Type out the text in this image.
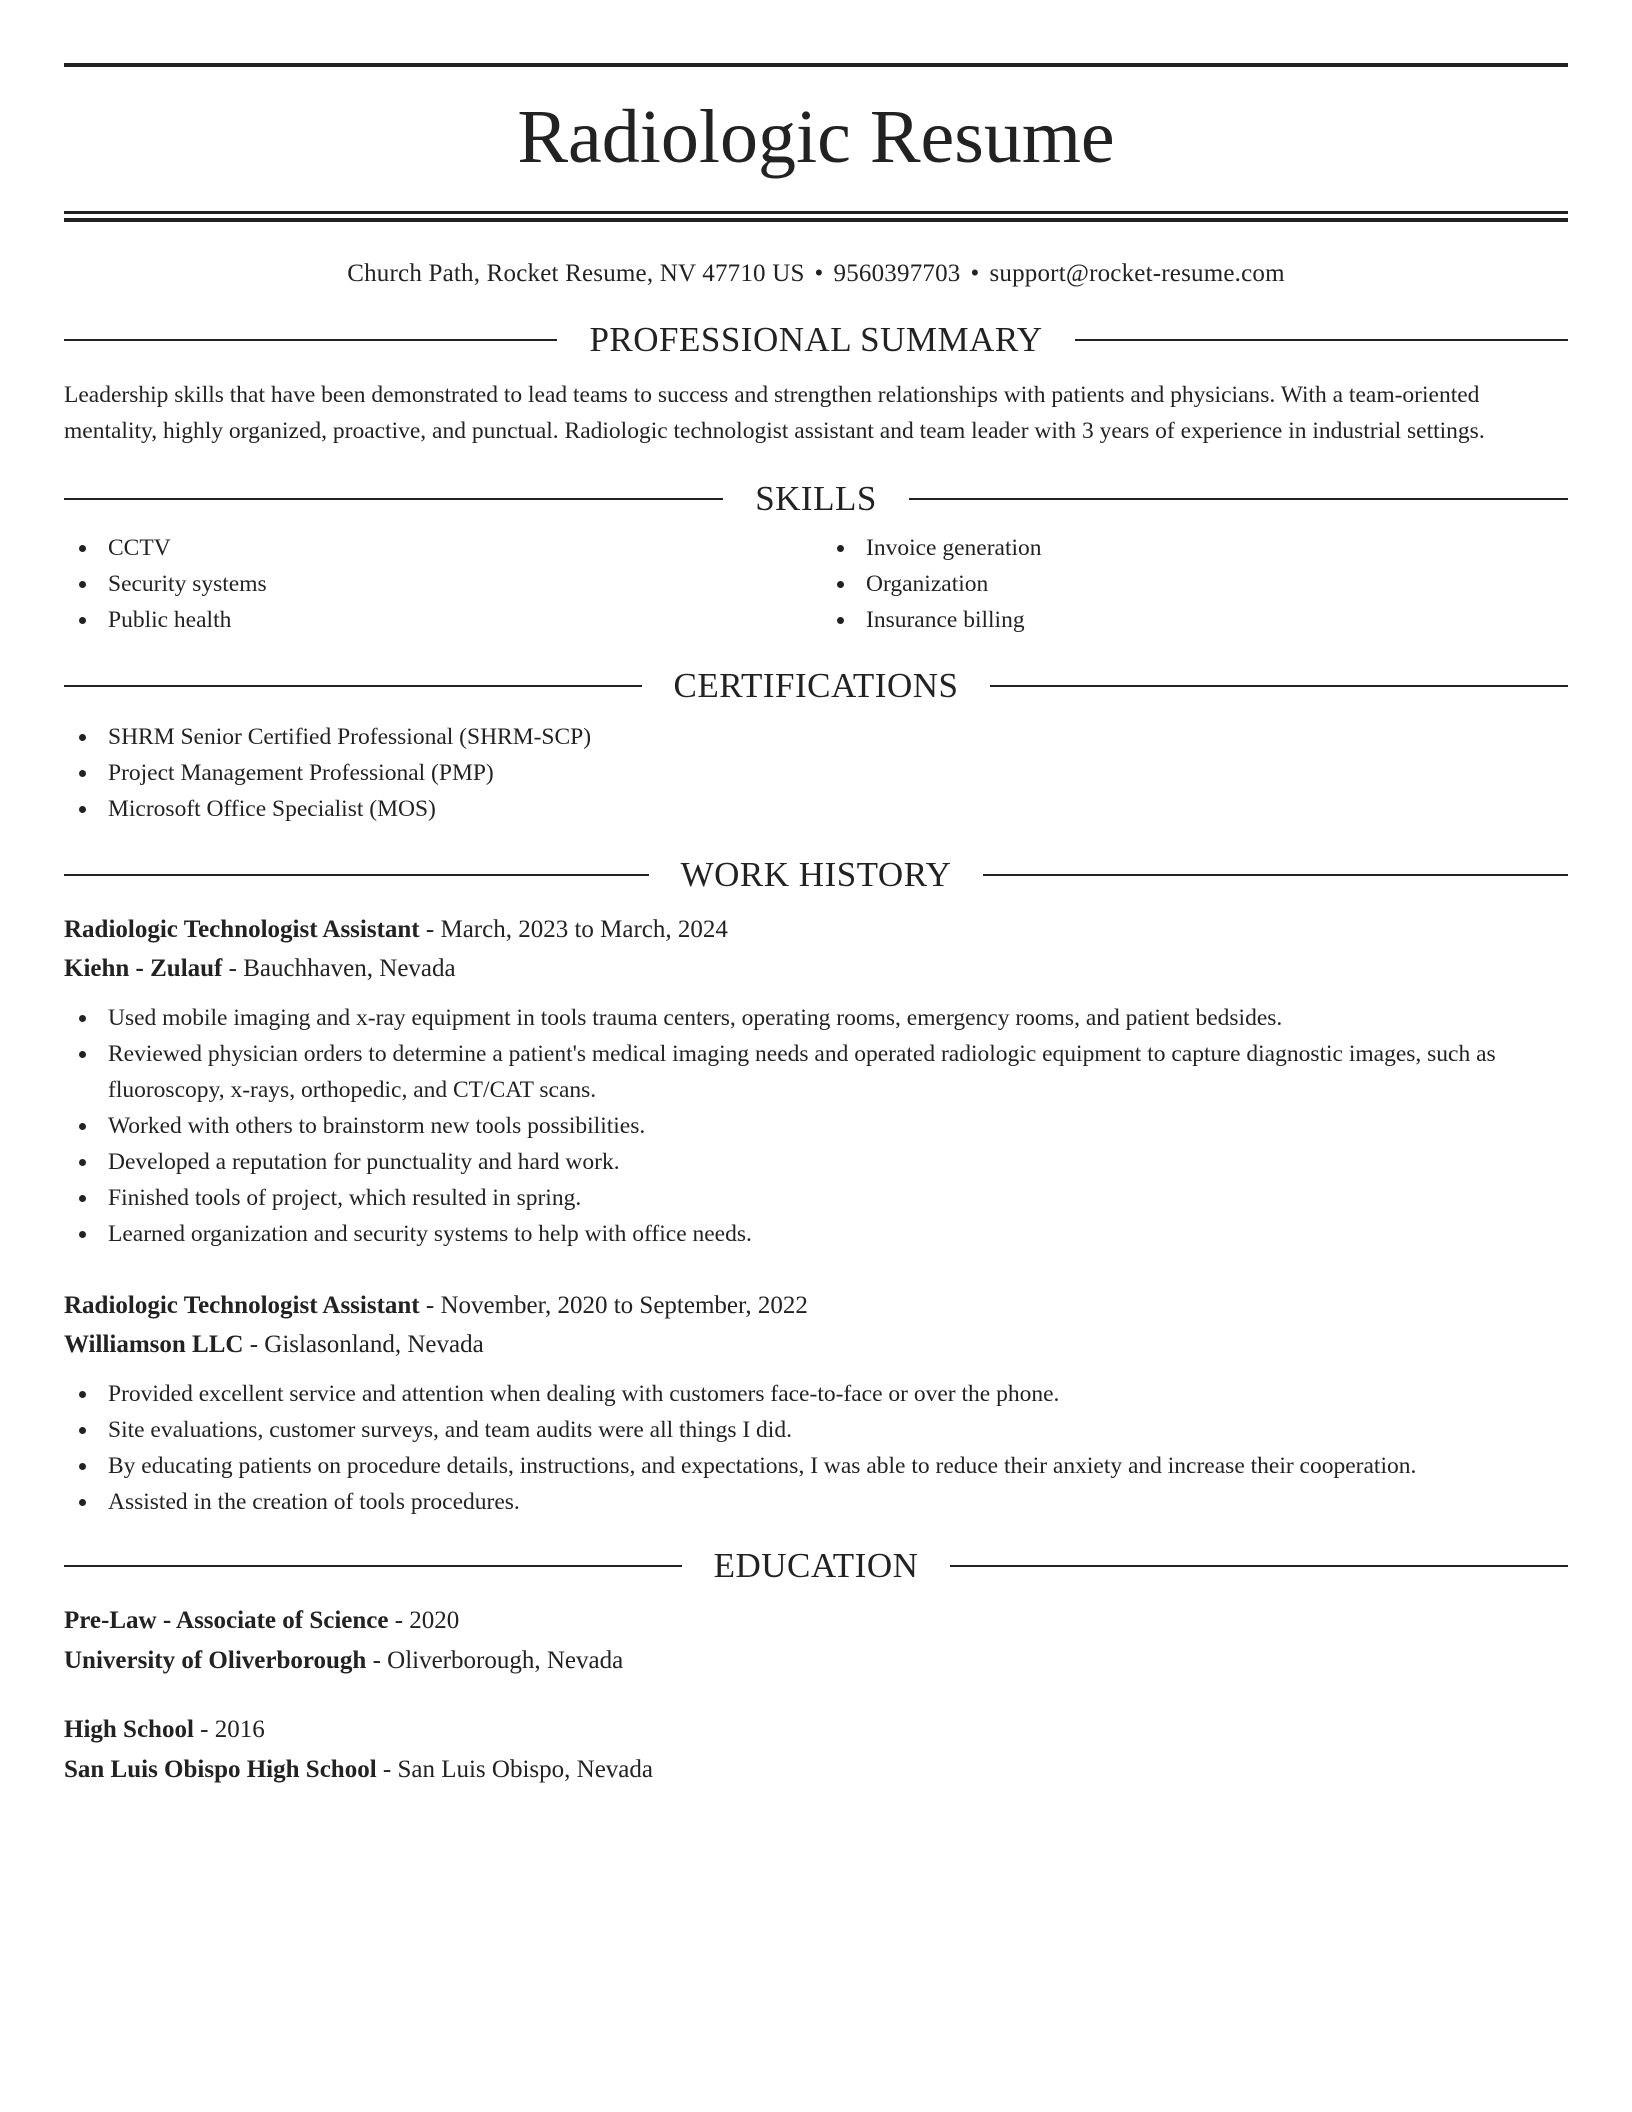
Radiologic Resume
Church Path, Rocket Resume, NV 47710 US • 9560397703 • support@rocket-resume.com
PROFESSIONAL SUMMARY

Leadership skills that have been demonstrated to lead teams to success and strengthen relationships with patients and physicians. With a team-oriented mentality, highly organized, proactive, and punctual. Radiologic technologist assistant and team leader with 3 years of experience in industrial settings.

SKILLS
CCTV
Security systems
Public health
Invoice generation
Organization
Insurance billing
CERTIFICATIONS
SHRM Senior Certified Professional (SHRM-SCP)
Project Management Professional (PMP)
Microsoft Office Specialist (MOS)
WORK HISTORY
Radiologic Technologist Assistant - March, 2023 to March, 2024
Kiehn - Zulauf - Bauchhaven, Nevada
Used mobile imaging and x-ray equipment in tools trauma centers, operating rooms, emergency rooms, and patient bedsides.
Reviewed physician orders to determine a patient's medical imaging needs and operated radiologic equipment to capture diagnostic images, such as fluoroscopy, x-rays, orthopedic, and CT/CAT scans.
Worked with others to brainstorm new tools possibilities.
Developed a reputation for punctuality and hard work.
Finished tools of project, which resulted in spring.
Learned organization and security systems to help with office needs.
Radiologic Technologist Assistant - November, 2020 to September, 2022
Williamson LLC - Gislasonland, Nevada
Provided excellent service and attention when dealing with customers face-to-face or over the phone.
Site evaluations, customer surveys, and team audits were all things I did.
By educating patients on procedure details, instructions, and expectations, I was able to reduce their anxiety and increase their cooperation.
Assisted in the creation of tools procedures.
EDUCATION
Pre-Law - Associate of Science - 2020
University of Oliverborough - Oliverborough, Nevada
High School - 2016
San Luis Obispo High School - San Luis Obispo, Nevada
